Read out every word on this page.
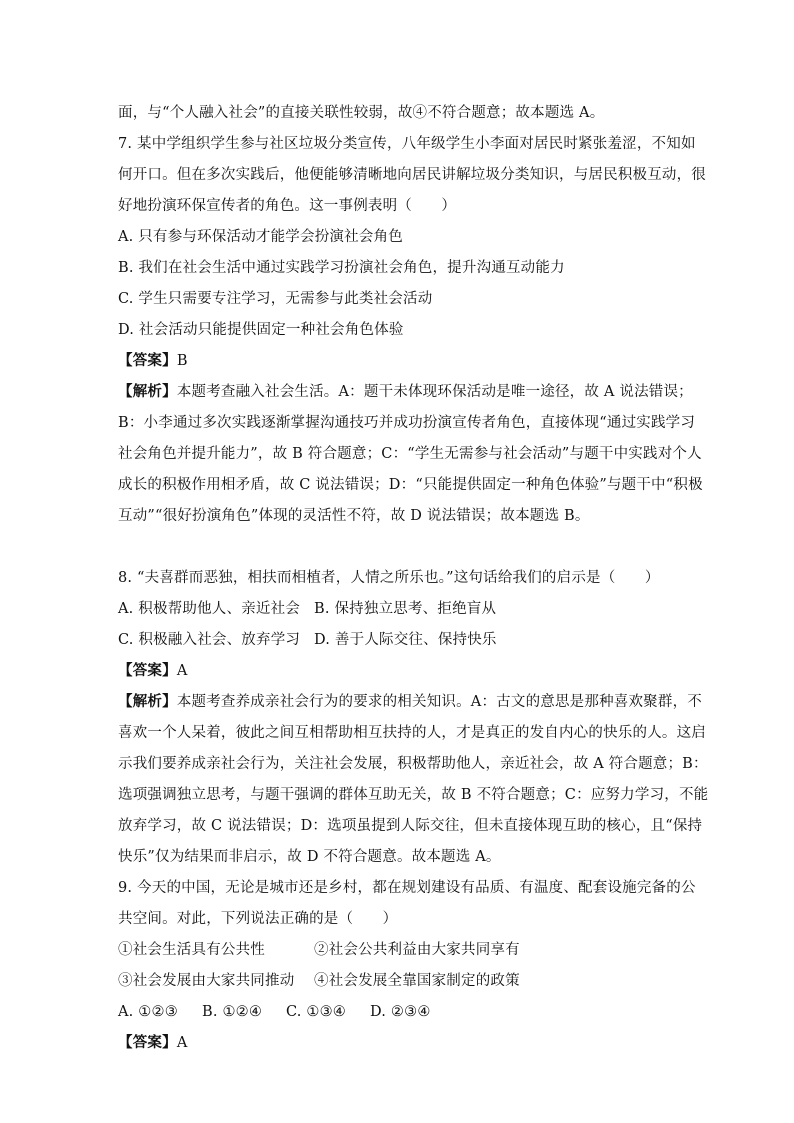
面，与“个人融入社会”的直接关联性较弱，故④不符合题意；故本题选 A。
7. 某中学组织学生参与社区垃圾分类宣传，八年级学生小李面对居民时紧张羞涩，不知如
何开口。但在多次实践后，他便能够清晰地向居民讲解垃圾分类知识，与居民积极互动，很
好地扮演环保宣传者的角色。这一事例表明（　　）
A. 只有参与环保活动才能学会扮演社会角色
B. 我们在社会生活中通过实践学习扮演社会角色，提升沟通互动能力
C. 学生只需要专注学习，无需参与此类社会活动
D. 社会活动只能提供固定一种社会角色体验
【答案】B
【解析】本题考查融入社会生活。A：题干未体现环保活动是唯一途径，故 A 说法错误；
B：小李通过多次实践逐渐掌握沟通技巧并成功扮演宣传者角色，直接体现“通过实践学习
社会角色并提升能力”，故 B 符合题意；C：“学生无需参与社会活动”与题干中实践对个人
成长的积极作用相矛盾，故 C 说法错误；D：“只能提供固定一种角色体验”与题干中“积极
互动”“很好扮演角色”体现的灵活性不符，故 D 说法错误；故本题选 B。
8. “夫喜群而恶独，相扶而相植者，人情之所乐也。”这句话给我们的启示是（　　）
A. 积极帮助他人、亲近社会 B. 保持独立思考、拒绝盲从
C. 积极融入社会、放弃学习 D. 善于人际交往、保持快乐
【答案】A
【解析】本题考查养成亲社会行为的要求的相关知识。A：古文的意思是那种喜欢聚群，不
喜欢一个人呆着，彼此之间互相帮助相互扶持的人，才是真正的发自内心的快乐的人。这启
示我们要养成亲社会行为，关注社会发展，积极帮助他人，亲近社会，故 A 符合题意；B：
选项强调独立思考，与题干强调的群体互助无关，故 B 不符合题意；C：应努力学习，不能
放弃学习，故 C 说法错误；D：选项虽提到人际交往，但未直接体现互助的核心，且“保持
快乐”仅为结果而非启示，故 D 不符合题意。故本题选 A。
9. 今天的中国，无论是城市还是乡村，都在规划建设有品质、有温度、配套设施完备的公
共空间。对此，下列说法正确的是（　　）
①社会生活具有公共性	②社会公共利益由大家共同享有
③社会发展由大家共同推动 ④社会发展全靠国家制定的政策
A. ①②③ B. ①②④ C. ①③④ D. ②③④
【答案】A
